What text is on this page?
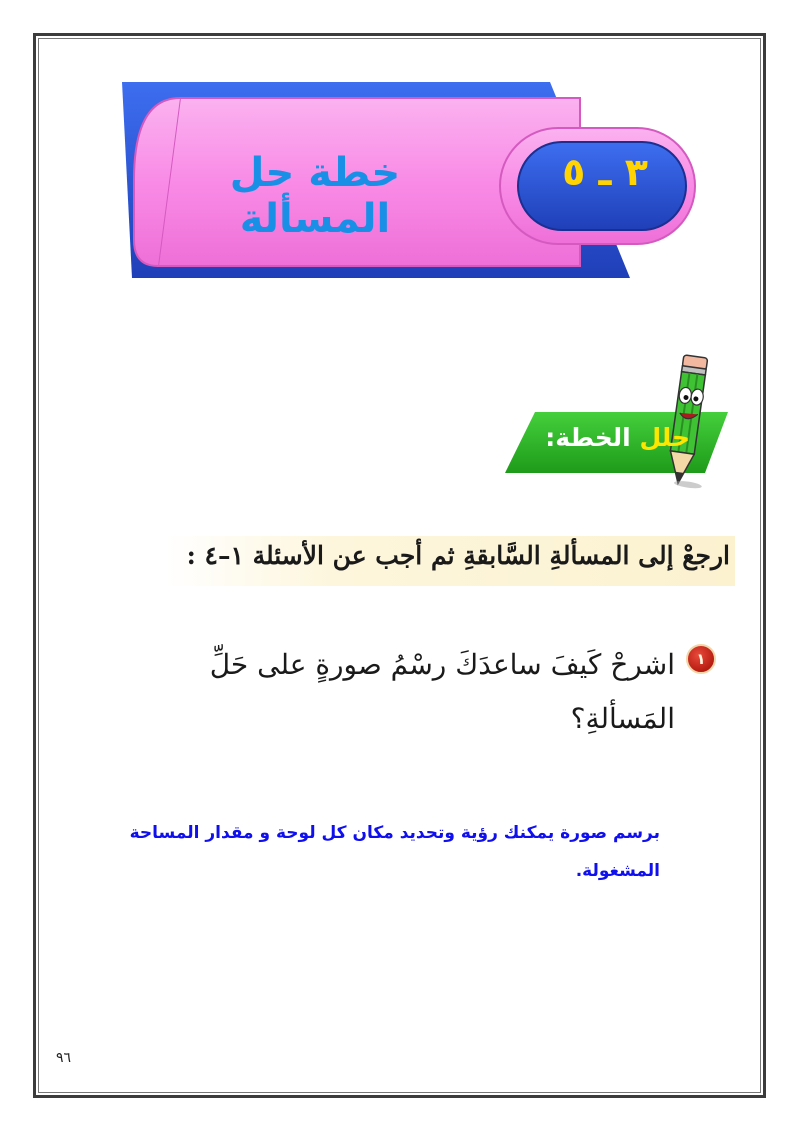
خطة حل المسألة
٣ ـ ٥
حلل الخطة:
ارجعْ إلى المسألةِ السَّابقةِ ثم أجب عن الأسئلة ١–٤ :
١
اشرحْ كَيفَ ساعدَكَ رسْمُ صورةٍ على حَلِّ المَسألةِ؟
برسم صورة يمكنك رؤية وتحديد مكان كل لوحة و مقدار المساحة المشغولة.
٩٦
